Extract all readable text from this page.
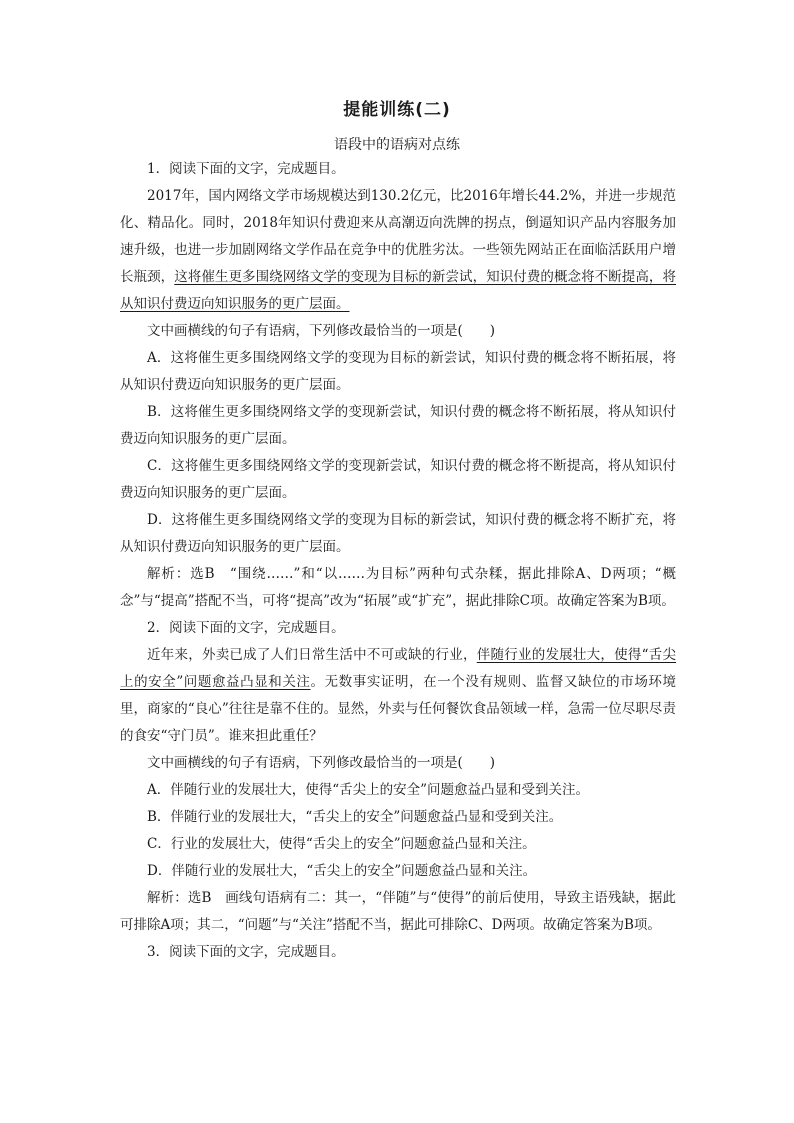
提能训练(二)
语段中的语病对点练

1．阅读下面的文字，完成题目。

2017年，国内网络文学市场规模达到130.2亿元，比2016年增长44.2%，并进一步规范化、精品化。同时，2018年知识付费迎来从高潮迈向洗牌的拐点，倒逼知识产品内容服务加速升级，也进一步加剧网络文学作品在竞争中的优胜劣汰。一些领先网站正在面临活跃用户增长瓶颈，这将催生更多围绕网络文学的变现为目标的新尝试，知识付费的概念将不断提高，将从知识付费迈向知识服务的更广层面。

文中画横线的句子有语病，下列修改最恰当的一项是(　　)

A．这将催生更多围绕网络文学的变现为目标的新尝试，知识付费的概念将不断拓展，将从知识付费迈向知识服务的更广层面。

B．这将催生更多围绕网络文学的变现新尝试，知识付费的概念将不断拓展，将从知识付费迈向知识服务的更广层面。

C．这将催生更多围绕网络文学的变现新尝试，知识付费的概念将不断提高，将从知识付费迈向知识服务的更广层面。

D．这将催生更多围绕网络文学的变现为目标的新尝试，知识付费的概念将不断扩充，将从知识付费迈向知识服务的更广层面。

解析：选B　“围绕……”和“以……为目标”两种句式杂糅，据此排除A、D两项；“概念”与“提高”搭配不当，可将“提高”改为“拓展”或“扩充”，据此排除C项。故确定答案为B项。

2．阅读下面的文字，完成题目。

近年来，外卖已成了人们日常生活中不可或缺的行业，伴随行业的发展壮大，使得“舌尖上的安全”问题愈益凸显和关注。无数事实证明，在一个没有规则、监督又缺位的市场环境里，商家的“良心”往往是靠不住的。显然，外卖与任何餐饮食品领域一样，急需一位尽职尽责的食安“守门员”。谁来担此重任？

文中画横线的句子有语病，下列修改最恰当的一项是(　　)

A．伴随行业的发展壮大，使得“舌尖上的安全”问题愈益凸显和受到关注。

B．伴随行业的发展壮大，“舌尖上的安全”问题愈益凸显和受到关注。

C．行业的发展壮大，使得“舌尖上的安全”问题愈益凸显和关注。

D．伴随行业的发展壮大，“舌尖上的安全”问题愈益凸显和关注。

解析：选B　画线句语病有二：其一，“伴随”与“使得”的前后使用，导致主语残缺，据此可排除A项；其二，“问题”与“关注”搭配不当，据此可排除C、D两项。故确定答案为B项。

3．阅读下面的文字，完成题目。
